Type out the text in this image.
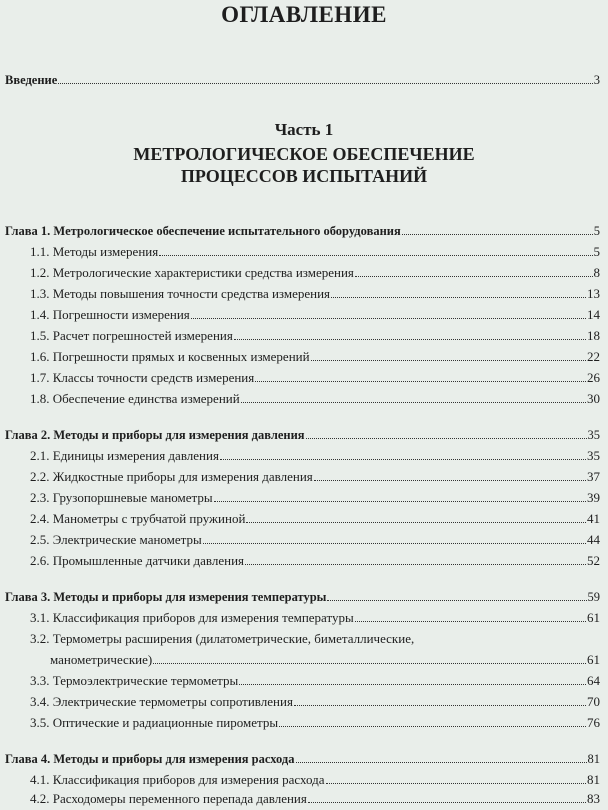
ОГЛАВЛЕНИЕ
Введение	3
Часть 1
МЕТРОЛОГИЧЕСКОЕ ОБЕСПЕЧЕНИЕ
ПРОЦЕССОВ ИСПЫТАНИЙ
Глава 1. Метрологическое обеспечение испытательного оборудования	5
1.1. Методы измерения	5
1.2. Метрологические характеристики средства измерения	8
1.3. Методы повышения точности средства измерения	13
1.4. Погрешности измерения	14
1.5. Расчет погрешностей измерения	18
1.6. Погрешности прямых и косвенных измерений	22
1.7. Классы точности средств измерения	26
1.8. Обеспечение единства измерений	30
Глава 2. Методы и приборы для измерения давления	35
2.1. Единицы измерения давления	35
2.2. Жидкостные приборы для измерения давления	37
2.3. Грузопоршневые манометры	39
2.4. Манометры с трубчатой пружиной	41
2.5. Электрические манометры	44
2.6. Промышленные датчики давления	52
Глава 3. Методы и приборы для измерения температуры	59
3.1. Классификация приборов для измерения температуры	61
3.2. Термометры расширения (дилатометрические, биметаллические,
манометрические)	61
3.3. Термоэлектрические термометры	64
3.4. Электрические термометры сопротивления	70
3.5. Оптические и радиационные пирометры	76
Глава 4. Методы и приборы для измерения расхода	81
4.1. Классификация приборов для измерения расхода	81
4.2. Расходомеры переменного перепада давления	83
